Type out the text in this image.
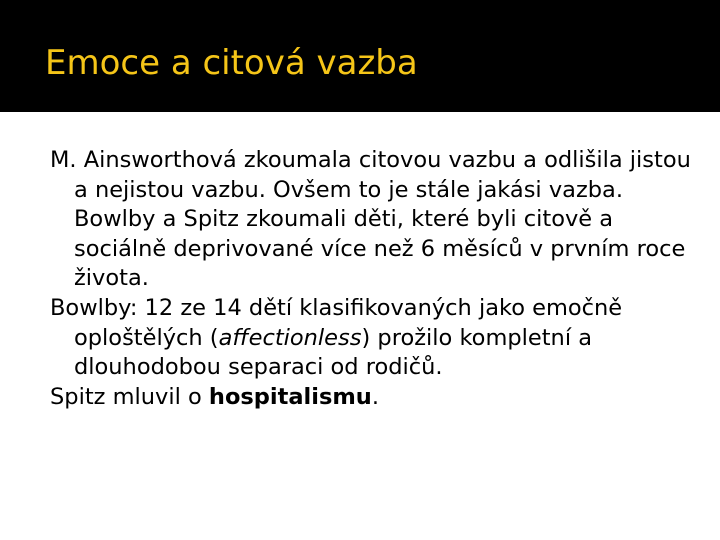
Emoce a citová vazba

M. Ainsworthová zkoumala citovou vazbu a odlišila jistou a nejistou vazbu. Ovšem to je stále jakási vazba. Bowlby a Spitz zkoumali děti, které byli citově a sociálně deprivované více než 6 měsíců v prvním roce života.

Bowlby: 12 ze 14 dětí klasifikovaných jako emočně oploštělých (affectionless) prožilo kompletní a dlouhodobou separaci od rodičů.

Spitz mluvil o hospitalismu.
